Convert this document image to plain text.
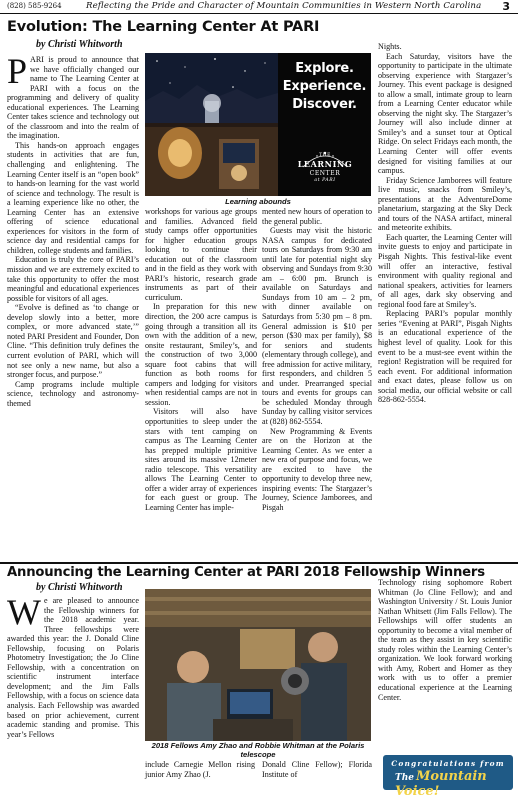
(828) 585-9264	Reflecting the Pride and Character of Mountain Communities in Western North Carolina 3
Evolution: The Learning Center At PARI
by Christi Whitworth
P ARI is proud to announce that we have officially changed our name to The Learning Center at PARI with a focus on the programming and delivery of quality educational experiences. The Learning Center takes science and technology out of the classroom and into the realm of the imagination.

This hands-on approach engages students in activities that are fun, challenging and enlightening. The Learning Center itself is an “open book” to hands-on learning for the vast world of science and technology. The result is a learning experience like no other, the Learning Center has an extensive offering of science educational experiences for visitors in the form of science day and residential camps for children, college students and families.

Education is truly the core of PARI’s mission and we are extremely excited to take this opportunity to offer the most meaningful and educational experiences possible for visitors of all ages.

“Evolve is defined as ‘to change or develop slowly into a better, more complex, or more advanced state,’” noted PARI President and Founder, Don Cline. “This definition truly defines the current evolution of PARI, which will not see only a new name, but also a stronger focus, and purpose.”

Camp programs include multiple science, technology and astronomy-themed

Explore.
Experience.
Discover.
THE
LEARNING
CENTER
at PARI
Learning abounds

workshops for various age groups and families. Advanced field study camps offer opportunities for higher education groups looking to continue their education out of the classroom and in the field as they work with PARI’s historic, research grade instruments as part of their curriculum.

In preparation for this new direction, the 200 acre campus is going through a transition all its own with the addition of a new, onsite restaurant, Smiley’s, and the construction of two 3,000 square foot cabins that will function as both rooms for campers and lodging for visitors when residential camps are not in session.

Visitors will also have opportunities to sleep under the stars with tent camping on campus as The Learning Center has prepped multiple primitive sites around its massive 12meter radio telescope. This versatility allows The Learning Center to offer a wider array of experiences for each guest or group. The Learning Center has imple-

mented new hours of operation to the general public.

Guests may visit the historic NASA campus for dedicated tours on Saturdays from 9:30 am until late for potential night sky observing and Sundays from 9:30 am – 6:00 pm. Brunch is available on Saturdays and Sundays from 10 am – 2 pm, with dinner available on Saturdays from 5:30 pm – 8 pm. General admission is $10 per person ($30 max per family), $8 for seniors and students (elementary through college), and free admission for active military, first responders, and children 5 and under. Prearranged special tours and events for groups can be scheduled Monday through Sunday by calling visitor services at (828) 862-5554.

New Programming & Events are on the Horizon at the Learning Center. As we enter a new era of purpose and focus, we are excited to have the opportunity to develop three new, inspiring events: The Stargazer’s Journey, Science Jamborees, and Pisgah

Nights.

Each Saturday, visitors have the opportunity to participate in the ultimate observing experience with Stargazer’s Journey. This event package is designed to allow a small, intimate group to learn from a Learning Center educator while observing the night sky. The Stargazer’s Journey will also include dinner at Smiley’s and a sunset tour at Optical Ridge. On select Fridays each month, the Learning Center will offer events designed for visiting families at our campus.

Friday Science Jamborees will feature live music, snacks from Smiley’s, presentations at the AdventureDome planetarium, stargazing at the Sky Deck and tours of the NASA artifact, mineral and meteorite exhibits.

Each quarter, the Learning Center will invite guests to enjoy and participate in Pisgah Nights. This festival-like event will offer an interactive, festival environment with quality regional and national speakers, activities for learners of all ages, dark sky observing and regional food fare at Smiley’s.

Replacing PARI’s popular monthly series “Evening at PARI”, Pisgah Nights is an educational experience of the highest level of quality. Look for this event to be a must-see event within the region! Registration will be required for each event. For additional information and exact dates, please follow us on social media, our official website or call 828-862-5554.

Announcing the Learning Center at PARI 2018 Fellowship Winners
by Christi Whitworth
W e are pleased to announce the Fellowship winners for the 2018 academic year. Three fellowships were awarded this year: the J. Donald Cline Fellowship, focusing on Polaris Photometry Investigation; the Jo Cline Fellowship, with a concentration on scientific instrument interface development; and the Jim Falls Fellowship, with a focus on science data analysis. Each Fellowship was awarded based on prior achievement, current academic standing and promise. This year’s Fellows

2018 Fellows Amy Zhao and Robbie Whitman at the Polaris telescope

include Carnegie Mellon rising junior Amy Zhao (J.

Donald Cline Fellow); Florida Institute of

Technology rising sophomore Robert Whitman (Jo Cline Fellow); and and Washington University / St. Louis Junior Nathan Whitsett (Jim Falls Fellow). The Fellowships will offer students an opportunity to become a vital member of the team as they assist in key scientific study roles within the Learning Center’s organization. We look forward working with Amy, Robert and Homer as they work with us to offer a premier educational experience at the Learning Center.

Congratulations from
The Mountain Voice!
